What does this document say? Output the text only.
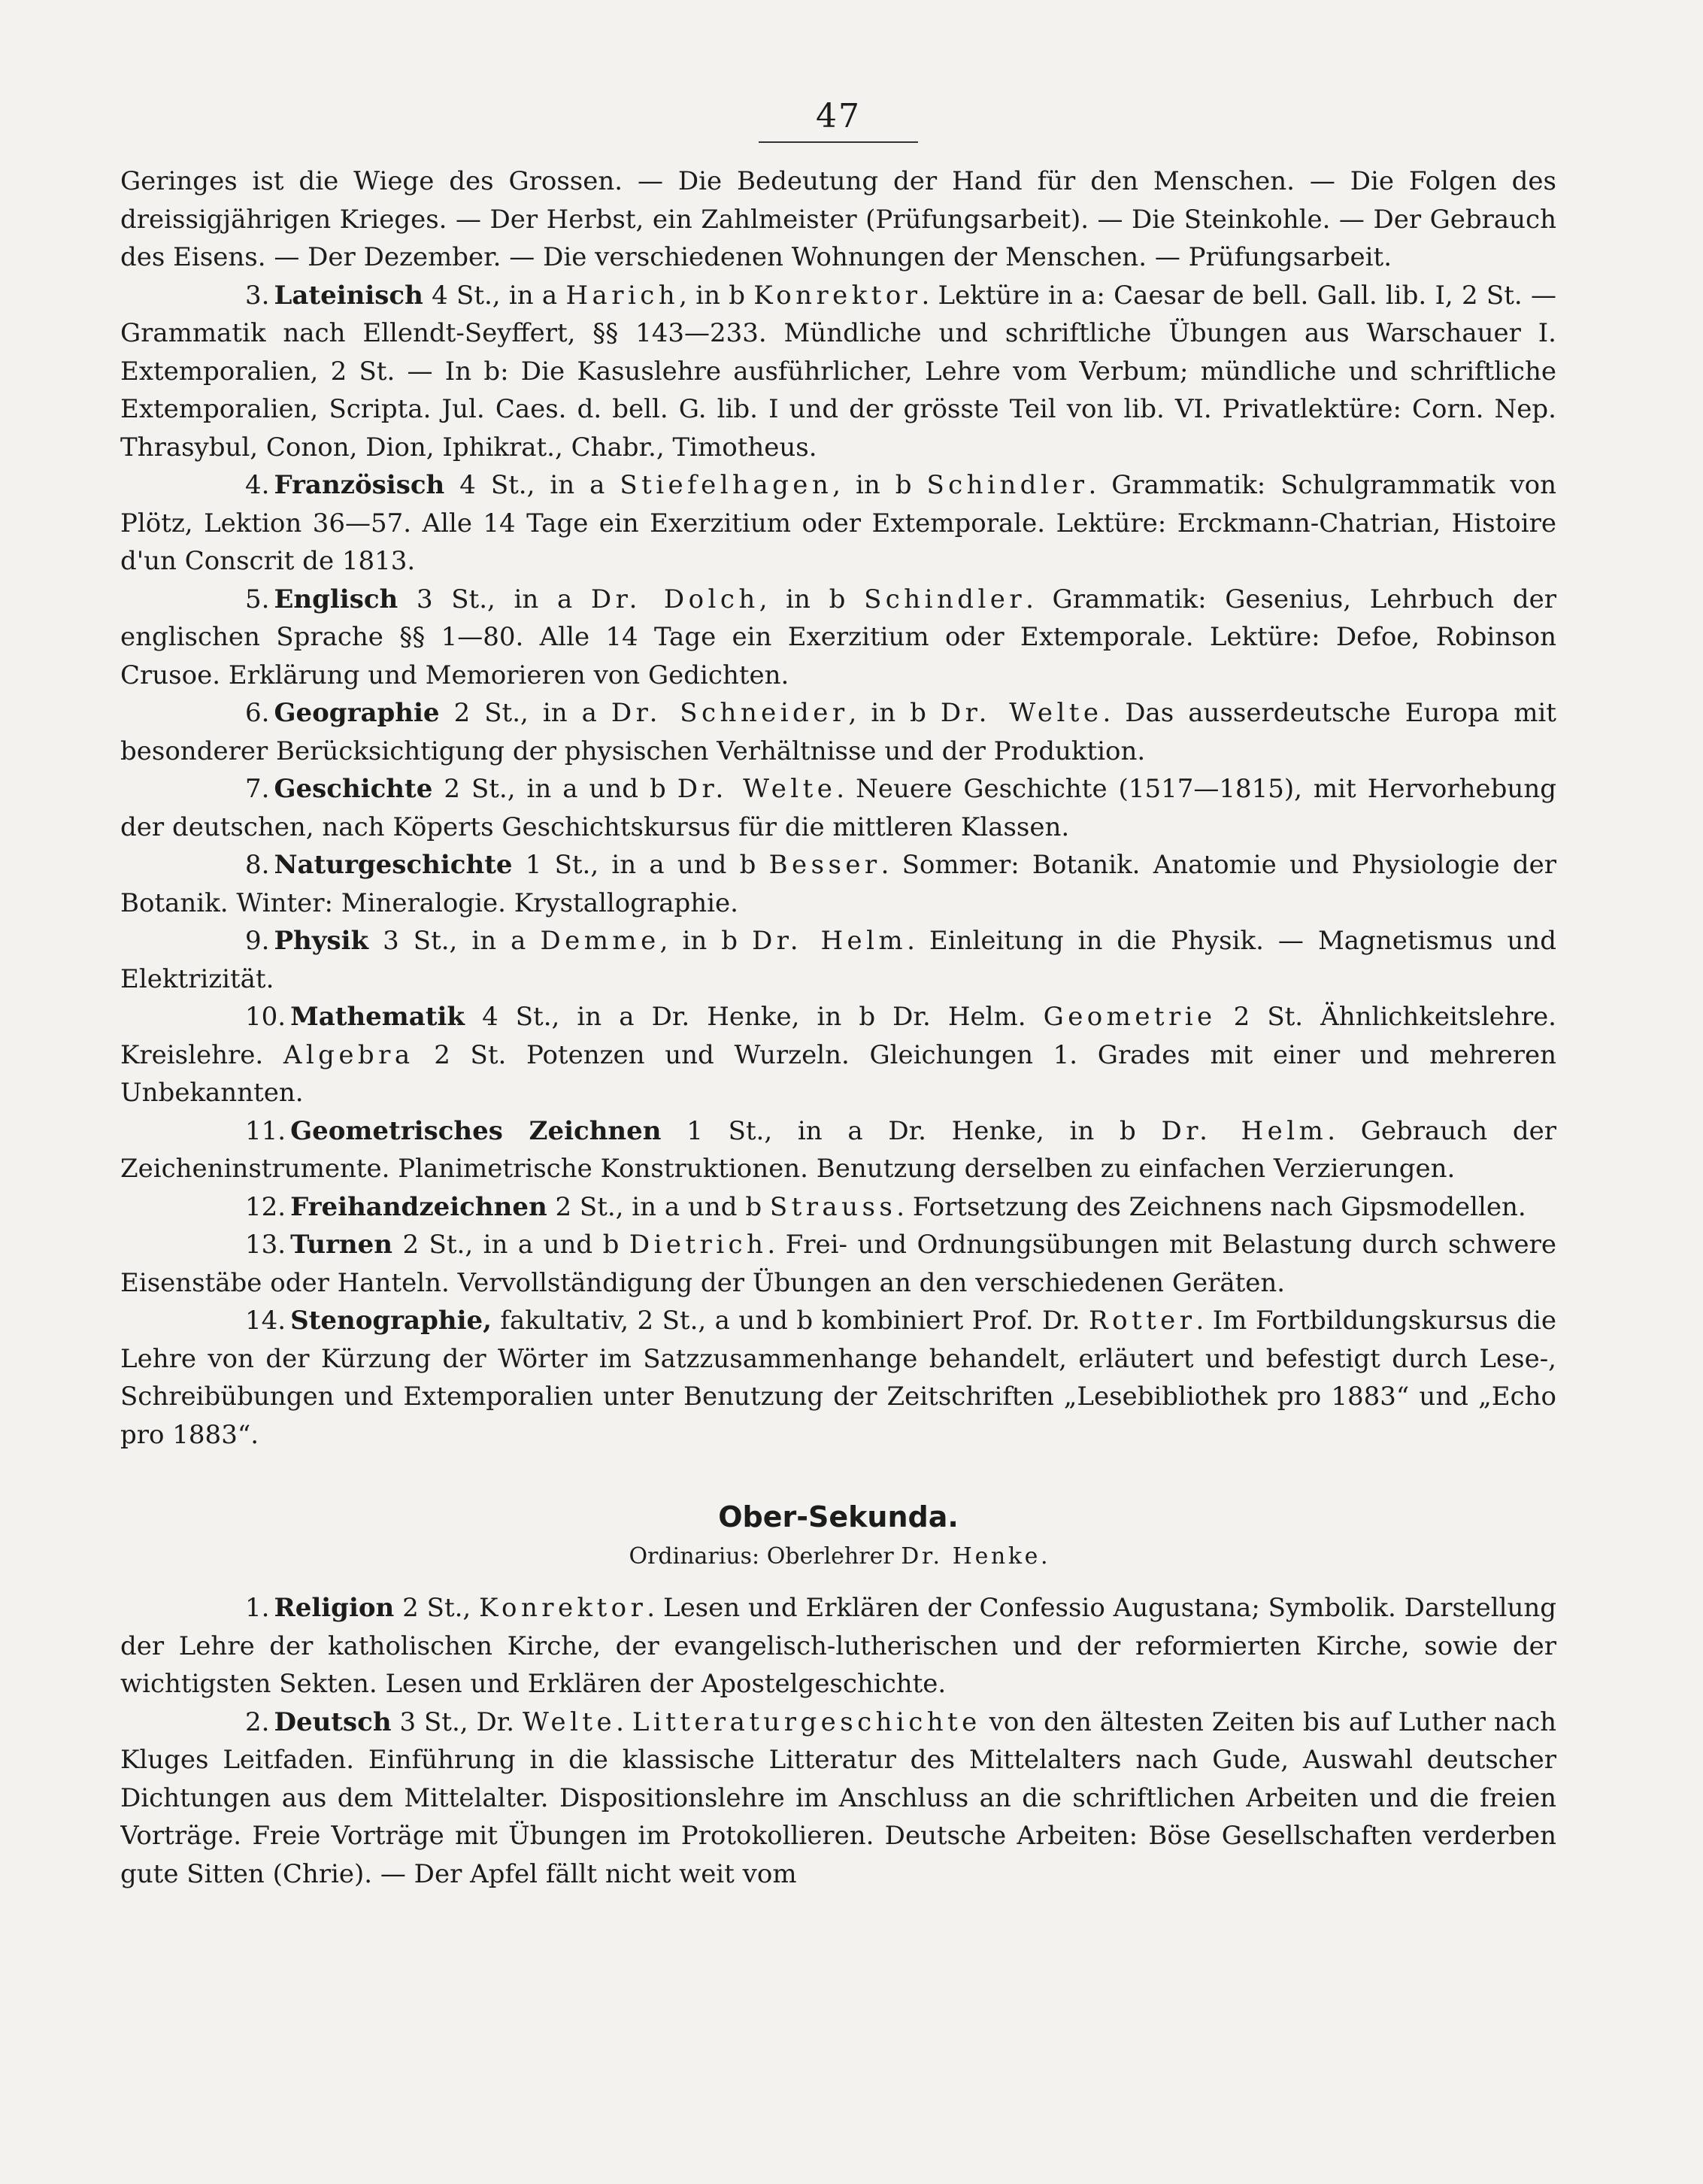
47

Geringes ist die Wiege des Grossen. — Die Bedeutung der Hand für den Menschen. — Die Folgen des dreissigjährigen Krieges. — Der Herbst, ein Zahlmeister (Prüfungsarbeit). — Die Steinkohle. — Der Gebrauch des Eisens. — Der Dezember. — Die verschiedenen Wohnungen der Menschen. — Prüfungsarbeit.

3. Lateinisch 4 St., in a Harich, in b Konrektor. Lektüre in a: Caesar de bell. Gall. lib. I, 2 St. — Grammatik nach Ellendt-Seyffert, §§ 143—233. Mündliche und schriftliche Übungen aus Warschauer I. Extemporalien, 2 St. — In b: Die Kasuslehre ausführlicher, Lehre vom Verbum; mündliche und schriftliche Extemporalien, Scripta. Jul. Caes. d. bell. G. lib. I und der grösste Teil von lib. VI. Privatlektüre: Corn. Nep. Thrasybul, Conon, Dion, Iphikrat., Chabr., Timotheus.

4. Französisch 4 St., in a Stiefelhagen, in b Schindler. Grammatik: Schulgrammatik von Plötz, Lektion 36—57. Alle 14 Tage ein Exerzitium oder Extemporale. Lektüre: Erckmann-Chatrian, Histoire d'un Conscrit de 1813.

5. Englisch 3 St., in a Dr. Dolch, in b Schindler. Grammatik: Gesenius, Lehrbuch der englischen Sprache §§ 1—80. Alle 14 Tage ein Exerzitium oder Extemporale. Lektüre: Defoe, Robinson Crusoe. Erklärung und Memorieren von Gedichten.

6. Geographie 2 St., in a Dr. Schneider, in b Dr. Welte. Das ausserdeutsche Europa mit besonderer Berücksichtigung der physischen Verhältnisse und der Produktion.

7. Geschichte 2 St., in a und b Dr. Welte. Neuere Geschichte (1517—1815), mit Hervorhebung der deutschen, nach Köperts Geschichtskursus für die mittleren Klassen.

8. Naturgeschichte 1 St., in a und b Besser. Sommer: Botanik. Anatomie und Physiologie der Botanik. Winter: Mineralogie. Krystallographie.

9. Physik 3 St., in a Demme, in b Dr. Helm. Einleitung in die Physik. — Magnetismus und Elektrizität.

10. Mathematik 4 St., in a Dr. Henke, in b Dr. Helm. Geometrie 2 St. Ähnlichkeitslehre. Kreislehre. Algebra 2 St. Potenzen und Wurzeln. Gleichungen 1. Grades mit einer und mehreren Unbekannten.

11. Geometrisches Zeichnen 1 St., in a Dr. Henke, in b Dr. Helm. Gebrauch der Zeicheninstrumente. Planimetrische Konstruktionen. Benutzung derselben zu einfachen Verzierungen.

12. Freihandzeichnen 2 St., in a und b Strauss. Fortsetzung des Zeichnens nach Gipsmodellen.

13. Turnen 2 St., in a und b Dietrich. Frei- und Ordnungsübungen mit Belastung durch schwere Eisenstäbe oder Hanteln. Vervollständigung der Übungen an den verschiedenen Geräten.

14. Stenographie, fakultativ, 2 St., a und b kombiniert Prof. Dr. Rotter. Im Fortbildungskursus die Lehre von der Kürzung der Wörter im Satzzusammenhange behandelt, erläutert und befestigt durch Lese-, Schreibübungen und Extemporalien unter Benutzung der Zeitschriften „Lesebibliothek pro 1883“ und „Echo pro 1883“.

Ober-Sekunda.

Ordinarius: Oberlehrer Dr. Henke.

1. Religion 2 St., Konrektor. Lesen und Erklären der Confessio Augustana; Symbolik. Darstellung der Lehre der katholischen Kirche, der evangelisch-lutherischen und der reformierten Kirche, sowie der wichtigsten Sekten. Lesen und Erklären der Apostelgeschichte.

2. Deutsch 3 St., Dr. Welte. Litteraturgeschichte von den ältesten Zeiten bis auf Luther nach Kluges Leitfaden. Einführung in die klassische Litteratur des Mittelalters nach Gude, Auswahl deutscher Dichtungen aus dem Mittelalter. Dispositionslehre im Anschluss an die schriftlichen Arbeiten und die freien Vorträge. Freie Vorträge mit Übungen im Protokollieren. Deutsche Arbeiten: Böse Gesellschaften verderben gute Sitten (Chrie). — Der Apfel fällt nicht weit vom
